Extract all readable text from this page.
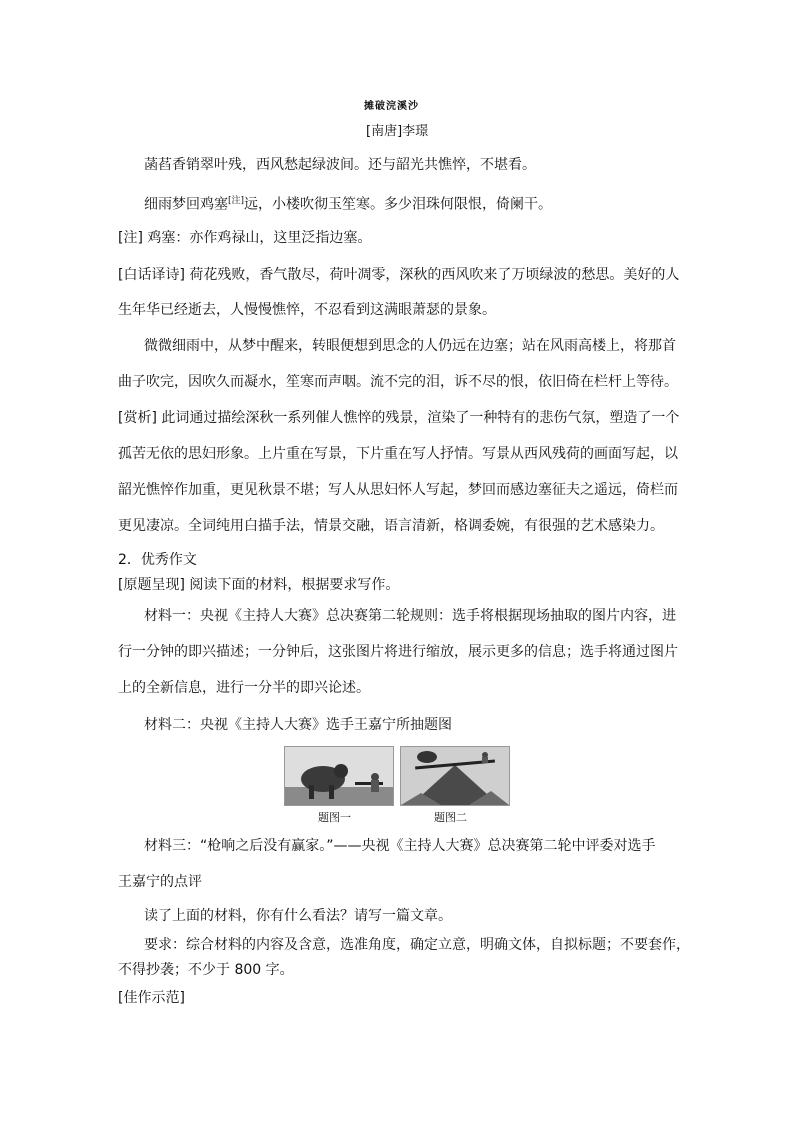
摊破浣溪沙
[南唐]李璟
菡萏香销翠叶残，西风愁起绿波间。还与韶光共憔悴，不堪看。
细雨梦回鸡塞[注]远，小楼吹彻玉笙寒。多少泪珠何限恨，倚阑干。
[注] 鸡塞：亦作鸡禄山，这里泛指边塞。
[白话译诗] 荷花残败，香气散尽，荷叶凋零，深秋的西风吹来了万顷绿波的愁思。美好的人
生年华已经逝去，人慢慢憔悴，不忍看到这满眼萧瑟的景象。
微微细雨中，从梦中醒来，转眼便想到思念的人仍远在边塞；站在风雨高楼上，将那首
曲子吹完，因吹久而凝水，笙寒而声咽。流不完的泪，诉不尽的恨，依旧倚在栏杆上等待。
[赏析] 此词通过描绘深秋一系列催人憔悴的残景，渲染了一种特有的悲伤气氛，塑造了一个
孤苦无依的思妇形象。上片重在写景，下片重在写人抒情。写景从西风残荷的画面写起，以
韶光憔悴作加重，更见秋景不堪；写人从思妇怀人写起，梦回而感边塞征夫之遥远，倚栏而
更见凄凉。全词纯用白描手法，情景交融，语言清新，格调委婉，有很强的艺术感染力。
2．优秀作文
[原题呈现] 阅读下面的材料，根据要求写作。
材料一：央视《主持人大赛》总决赛第二轮规则：选手将根据现场抽取的图片内容，进
行一分钟的即兴描述；一分钟后，这张图片将进行缩放，展示更多的信息；选手将通过图片
上的全新信息，进行一分半的即兴论述。
材料二：央视《主持人大赛》选手王嘉宁所抽题图
题图一	题图二
材料三：“枪响之后没有赢家。”——央视《主持人大赛》总决赛第二轮中评委对选手
王嘉宁的点评
读了上面的材料，你有什么看法？请写一篇文章。
要求：综合材料的内容及含意，选准角度，确定立意，明确文体，自拟标题；不要套作，
不得抄袭；不少于 800 字。
[佳作示范]
